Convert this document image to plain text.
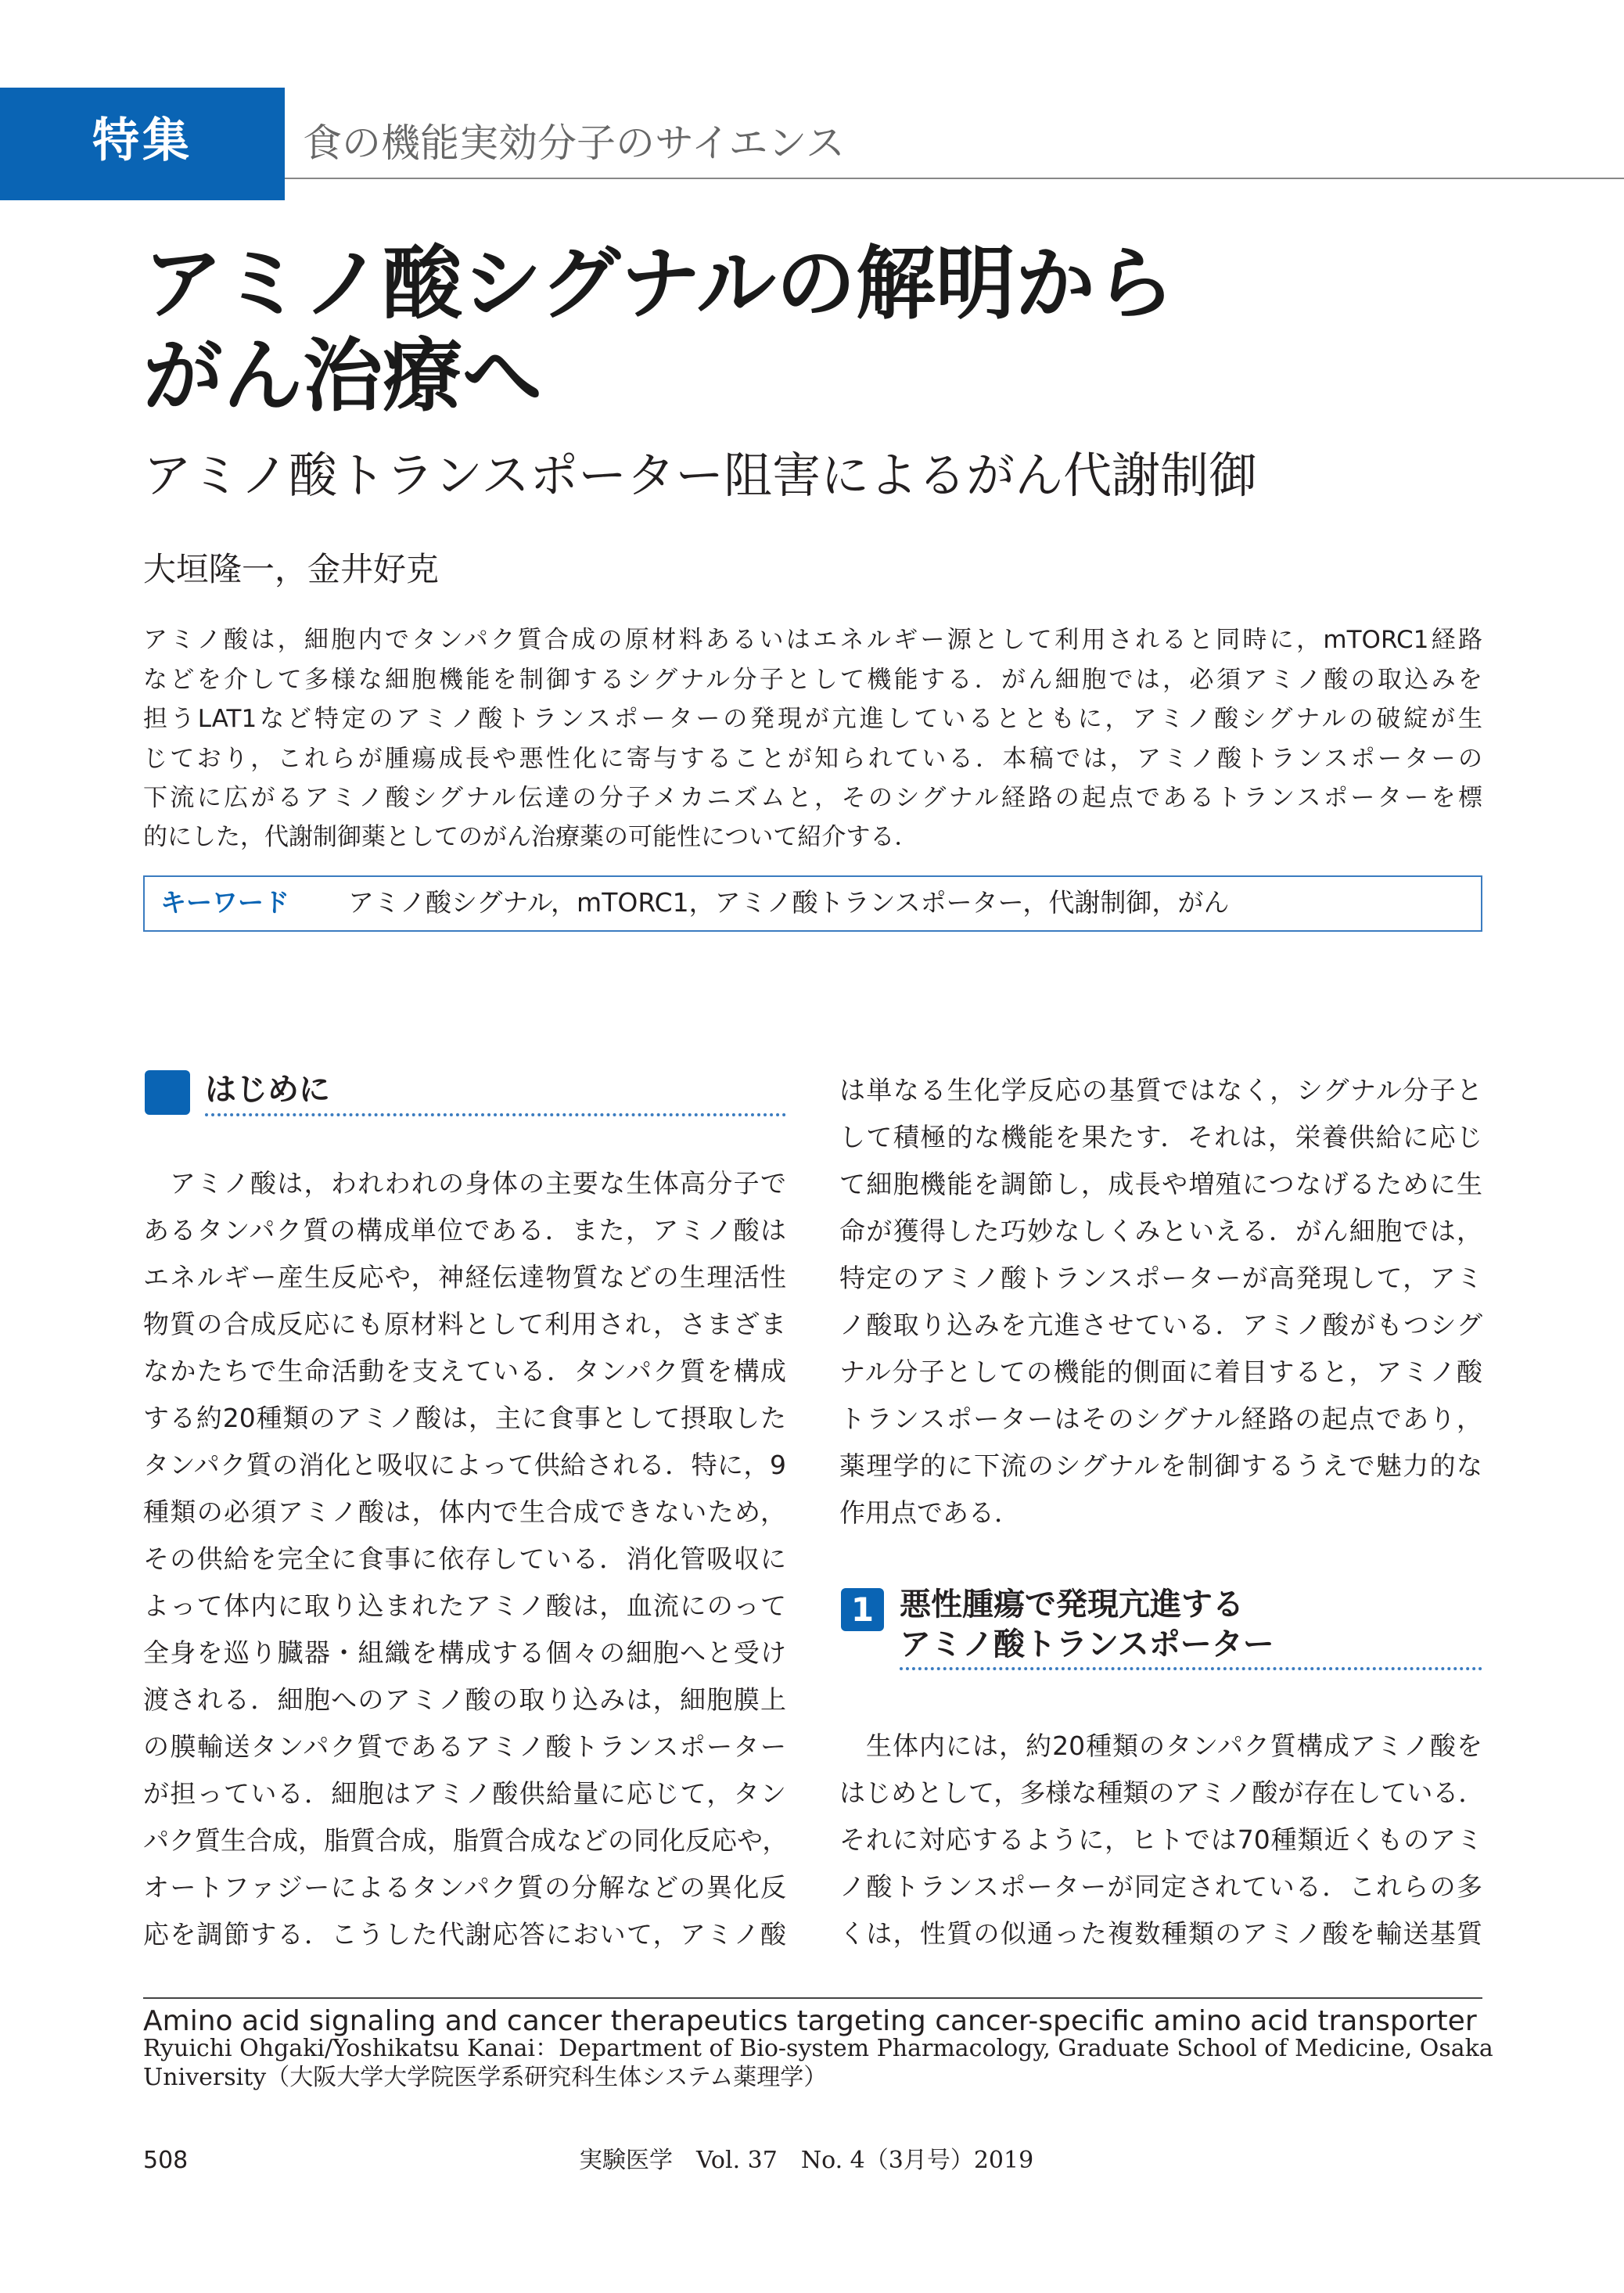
特集	食の機能実効分子のサイエンス
アミノ酸シグナルの解明から
がん治療へ
アミノ酸トランスポーター阻害によるがん代謝制御
大垣隆一，金井好克
アミノ酸は，細胞内でタンパク質合成の原材料あるいはエネルギー源として利用されると同時に，mTORC1経路
などを介して多様な細胞機能を制御するシグナル分子として機能する．がん細胞では，必須アミノ酸の取込みを
担うLAT1など特定のアミノ酸トランスポーターの発現が亢進しているとともに，アミノ酸シグナルの破綻が生
じており，これらが腫瘍成長や悪性化に寄与することが知られている．本稿では，アミノ酸トランスポーターの
下流に広がるアミノ酸シグナル伝達の分子メカニズムと，そのシグナル経路の起点であるトランスポーターを標
的にした，代謝制御薬としてのがん治療薬の可能性について紹介する．
キーワード アミノ酸シグナル，mTORC1，アミノ酸トランスポーター，代謝制御，がん
はじめに
アミノ酸は，われわれの身体の主要な生体高分子で
あるタンパク質の構成単位である．また，アミノ酸は
エネルギー産生反応や，神経伝達物質などの生理活性
物質の合成反応にも原材料として利用され，さまざま
なかたちで生命活動を支えている．タンパク質を構成
する約20種類のアミノ酸は，主に食事として摂取した
タンパク質の消化と吸収によって供給される．特に，9
種類の必須アミノ酸は，体内で生合成できないため，
その供給を完全に食事に依存している．消化管吸収に
よって体内に取り込まれたアミノ酸は，血流にのって
全身を巡り臓器・組織を構成する個々の細胞へと受け
渡される．細胞へのアミノ酸の取り込みは，細胞膜上
の膜輸送タンパク質であるアミノ酸トランスポーター
が担っている．細胞はアミノ酸供給量に応じて，タン
パク質生合成，脂質合成，脂質合成などの同化反応や，
オートファジーによるタンパク質の分解などの異化反
応を調節する．こうした代謝応答において，アミノ酸
は単なる生化学反応の基質ではなく，シグナル分子と
して積極的な機能を果たす．それは，栄養供給に応じ
て細胞機能を調節し，成長や増殖につなげるために生
命が獲得した巧妙なしくみといえる．がん細胞では，
特定のアミノ酸トランスポーターが高発現して，アミ
ノ酸取り込みを亢進させている．アミノ酸がもつシグ
ナル分子としての機能的側面に着目すると，アミノ酸
トランスポーターはそのシグナル経路の起点であり，
薬理学的に下流のシグナルを制御するうえで魅力的な
作用点である．
1 悪性腫瘍で発現亢進する
アミノ酸トランスポーター
生体内には，約20種類のタンパク質構成アミノ酸を
はじめとして，多様な種類のアミノ酸が存在している．
それに対応するように，ヒトでは70種類近くものアミ
ノ酸トランスポーターが同定されている．これらの多
くは，性質の似通った複数種類のアミノ酸を輸送基質
Amino acid signaling and cancer therapeutics targeting cancer-specific amino acid transporter
Ryuichi Ohgaki/Yoshikatsu Kanai：Department of Bio-system Pharmacology, Graduate School of Medicine, Osaka
University（大阪大学大学院医学系研究科生体システム薬理学）
508	実験医学　Vol. 37　No. 4（3月号）2019
